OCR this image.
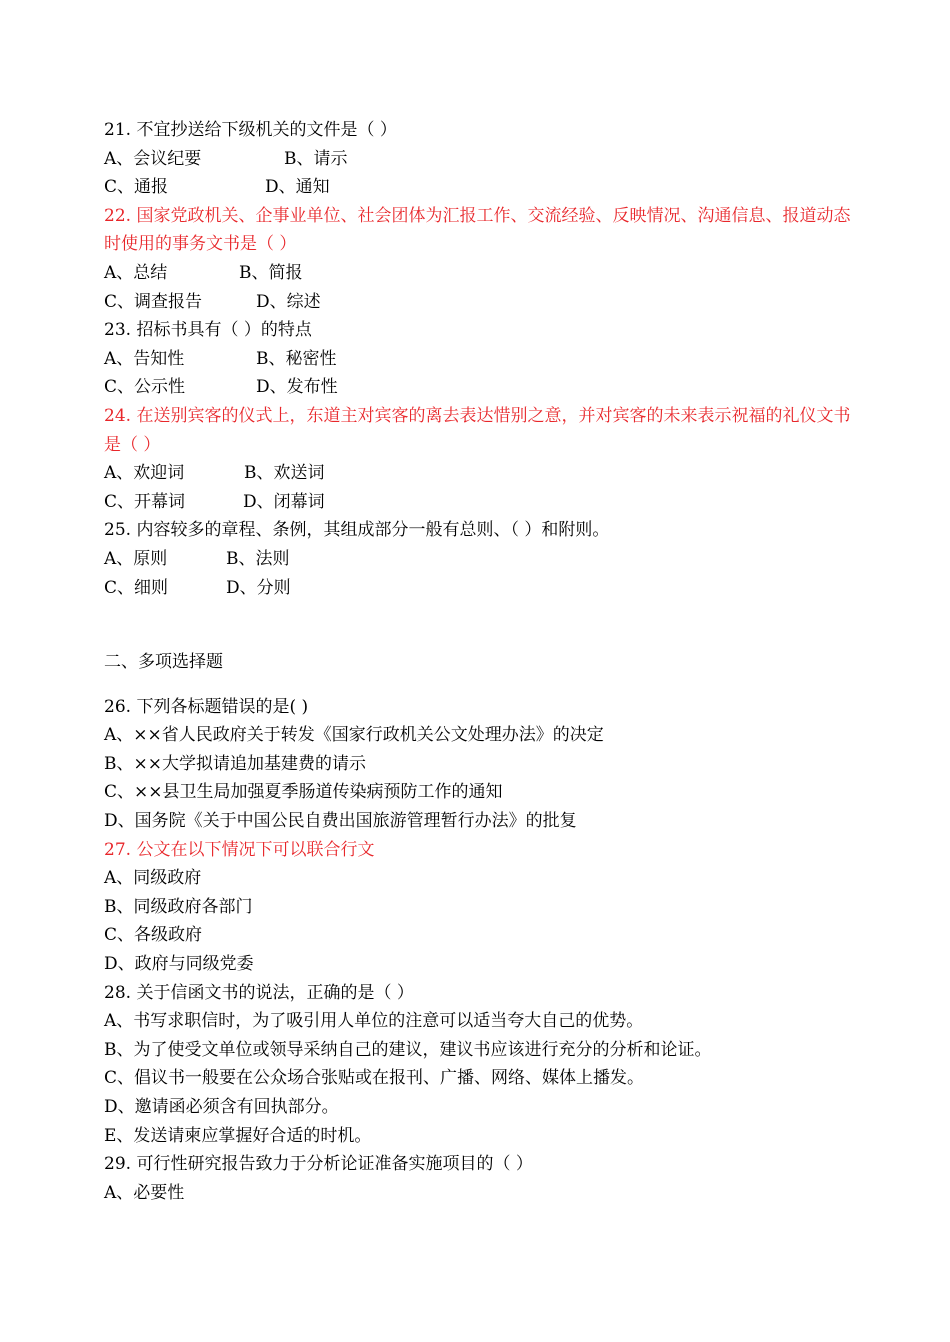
21. 不宜抄送给下级机关的文件是（ ）
A、会议纪要	B、请示
C、通报	D、通知
22. 国家党政机关、企事业单位、社会团体为汇报工作、交流经验、反映情况、沟通信息、报道动态时使用的事务文书是（ ）
A、总结	B、简报
C、调查报告	D、综述
23. 招标书具有（ ）的特点
A、告知性	B、秘密性
C、公示性	D、发布性
24. 在送别宾客的仪式上，东道主对宾客的离去表达惜别之意，并对宾客的未来表示祝福的礼仪文书是（ ）
A、欢迎词	B、欢送词
C、开幕词	D、闭幕词
25. 内容较多的章程、条例，其组成部分一般有总则、（ ）和附则。
A、原则	B、法则
C、细则	D、分则
二、多项选择题
26. 下列各标题错误的是( )
A、××省人民政府关于转发《国家行政机关公文处理办法》的决定
B、××大学拟请追加基建费的请示
C、××县卫生局加强夏季肠道传染病预防工作的通知
D、国务院《关于中国公民自费出国旅游管理暂行办法》的批复
27. 公文在以下情况下可以联合行文
A、同级政府
B、同级政府各部门
C、各级政府
D、政府与同级党委
28. 关于信函文书的说法，正确的是（ ）
A、书写求职信时，为了吸引用人单位的注意可以适当夸大自己的优势。
B、为了使受文单位或领导采纳自己的建议，建议书应该进行充分的分析和论证。
C、倡议书一般要在公众场合张贴或在报刊、广播、网络、媒体上播发。
D、邀请函必须含有回执部分。
E、发送请柬应掌握好合适的时机。
29. 可行性研究报告致力于分析论证准备实施项目的（ ）
A、必要性
